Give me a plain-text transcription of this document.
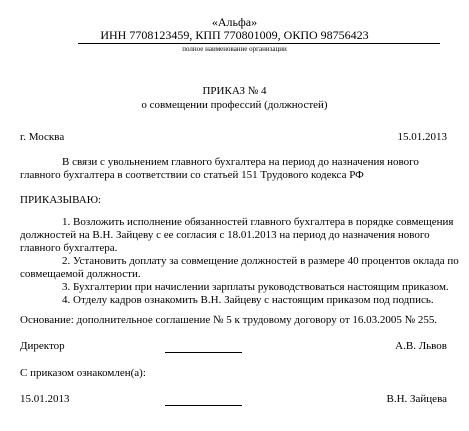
«Альфа»
ИНН 7708123459, КПП 770801009, ОКПО 98756423
полное наименование организации
ПРИКАЗ № 4
о совмещении профессий (должностей)
г. Москва	15.01.2013
В связи с увольнением главного бухгалтера на период до назначения нового
главного бухгалтера в соответствии со статьей 151 Трудового кодекса РФ
ПРИКАЗЫВАЮ:
1. Возложить исполнение обязанностей главного бухгалтера в порядке совмещения
должностей на В.Н. Зайцеву с ее согласия с 18.01.2013 на период до назначения нового
главного бухгалтера.
2. Установить доплату за совмещение должностей в размере 40 процентов оклада по
совмещаемой должности.
3. Бухгалтерии при начислении зарплаты руководствоваться настоящим приказом.
4. Отделу кадров ознакомить В.Н. Зайцеву с настоящим приказом под подпись.
Основание: дополнительное соглашение № 5 к трудовому договору от 16.03.2005 № 255.
Директор	А.В. Львов
С приказом ознакомлен(а):
15.01.2013	В.Н. Зайцева
